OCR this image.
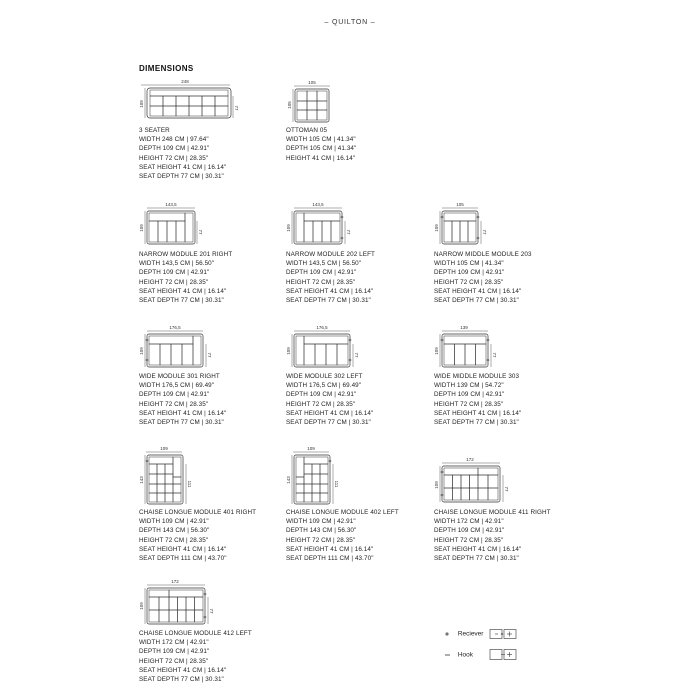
– QUILTON –
DIMENSIONS
248
109
77
3 SEATER
WIDTH 248 CM | 97.64"
DEPTH 109 CM | 42.91"
HEIGHT 72 CM | 28.35"
SEAT HEIGHT 41 CM | 16.14"
SEAT DEPTH 77 CM | 30.31"
105
105
OTTOMAN 05
WIDTH 105 CM | 41.34"
DEPTH 105 CM | 41.34"
HEIGHT 41 CM | 16.14"
143,5
109
77
NARROW MODULE 201 RIGHT
WIDTH 143,5 CM | 56.50"
DEPTH 109 CM | 42.91"
HEIGHT 72 CM | 28.35"
SEAT HEIGHT 41 CM | 16.14"
SEAT DEPTH 77 CM | 30.31"
143,5
109
77
NARROW MODULE 202 LEFT
WIDTH 143,5 CM | 56.50"
DEPTH 109 CM | 42.91"
HEIGHT 72 CM | 28.35"
SEAT HEIGHT 41 CM | 16.14"
SEAT DEPTH 77 CM | 30.31"
105
109
77
NARROW MIDDLE MODULE 203
WIDTH 105 CM | 41.34"
DEPTH 109 CM | 42.91"
HEIGHT 72 CM | 28.35"
SEAT HEIGHT 41 CM | 16.14"
SEAT DEPTH 77 CM | 30.31"
176,5
109
77
WIDE MODULE 301 RIGHT
WIDTH 176,5 CM | 69.49"
DEPTH 109 CM | 42.91"
HEIGHT 72 CM | 28.35"
SEAT HEIGHT 41 CM | 16.14"
SEAT DEPTH 77 CM | 30.31"
176,5
109
77
WIDE MODULE 302 LEFT
WIDTH 176,5 CM | 69.49"
DEPTH 109 CM | 42.91"
HEIGHT 72 CM | 28.35"
SEAT HEIGHT 41 CM | 16.14"
SEAT DEPTH 77 CM | 30.31"
139
109
77
WIDE MIDDLE MODULE 303
WIDTH 139 CM | 54.72"
DEPTH 109 CM | 42.91"
HEIGHT 72 CM | 28.35"
SEAT HEIGHT 41 CM | 16.14"
SEAT DEPTH 77 CM | 30.31"
109
143
111
CHAISE LONGUE MODULE 401 RIGHT
WIDTH 109 CM | 42.91"
DEPTH 143 CM | 56.30"
HEIGHT 72 CM | 28.35"
SEAT HEIGHT 41 CM | 16.14"
SEAT DEPTH 111 CM | 43.70"
109
143
111
CHAISE LONGUE MODULE 402 LEFT
WIDTH 109 CM | 42.91"
DEPTH 143 CM | 56.30"
HEIGHT 72 CM | 28.35"
SEAT HEIGHT 41 CM | 16.14"
SEAT DEPTH 111 CM | 43.70"
172
109
77
CHAISE LONGUE MODULE 411 RIGHT
WIDTH 172 CM | 42.91"
DEPTH 109 CM | 42.91"
HEIGHT 72 CM | 28.35"
SEAT HEIGHT 41 CM | 16.14"
SEAT DEPTH 77 CM | 30.31"
172
109
77
CHAISE LONGUE MODULE 412 LEFT
WIDTH 172 CM | 42.91"
DEPTH 109 CM | 42.91"
HEIGHT 72 CM | 28.35"
SEAT HEIGHT 41 CM | 16.14"
SEAT DEPTH 77 CM | 30.31"
Reciever
Hook
